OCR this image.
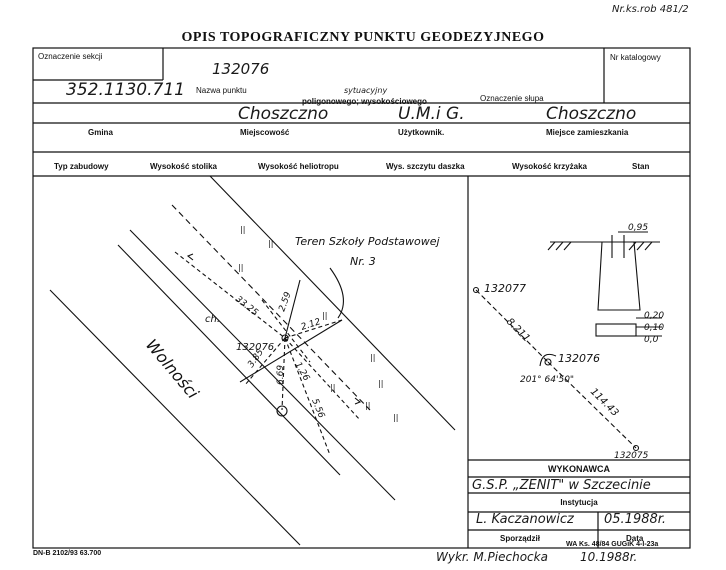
Nr.ks.rob 481/2
OPIS TOPOGRAFICZNY PUNKTU GEODEZYJNEGO
Oznaczenie sekcji
352.1130.711
132076
Nr katalogowy
Nazwa punktu	sytuacyjny
poligonowego; wysokościowego	Oznaczenie słupa
Choszczno	U.M.i G.	Choszczno
Gmina	Miejscowość	Użytkownik.	Miejsce zamieszkania
Typ zabudowy	Wysokość stolika	Wysokość heliotropu	Wys. szczytu daszka	Wysokość krzyżaka	Stan
Teren Szkoły Podstawowej
Nr. 3
Wolności
ch.
132076
33.25 2.59
2.12
3.85
6.69 1.26
5.56
||
||
||
||
||
||
||
||
||
0,95
0,20
0,10
0,0
132077
132076
132075
8.211
114.43
201° 64'50"
WYKONAWCA
G.S.P. „ZENIT" w Szczecinie
Instytucja
L. Kaczanowicz 05.1988r.
Sporządził	Data
DN-B 2102/93 63.700	Wykr. M.Piechocka	10.1988r.
WA Ks. 48/84 GUGiK 4-I-23a
